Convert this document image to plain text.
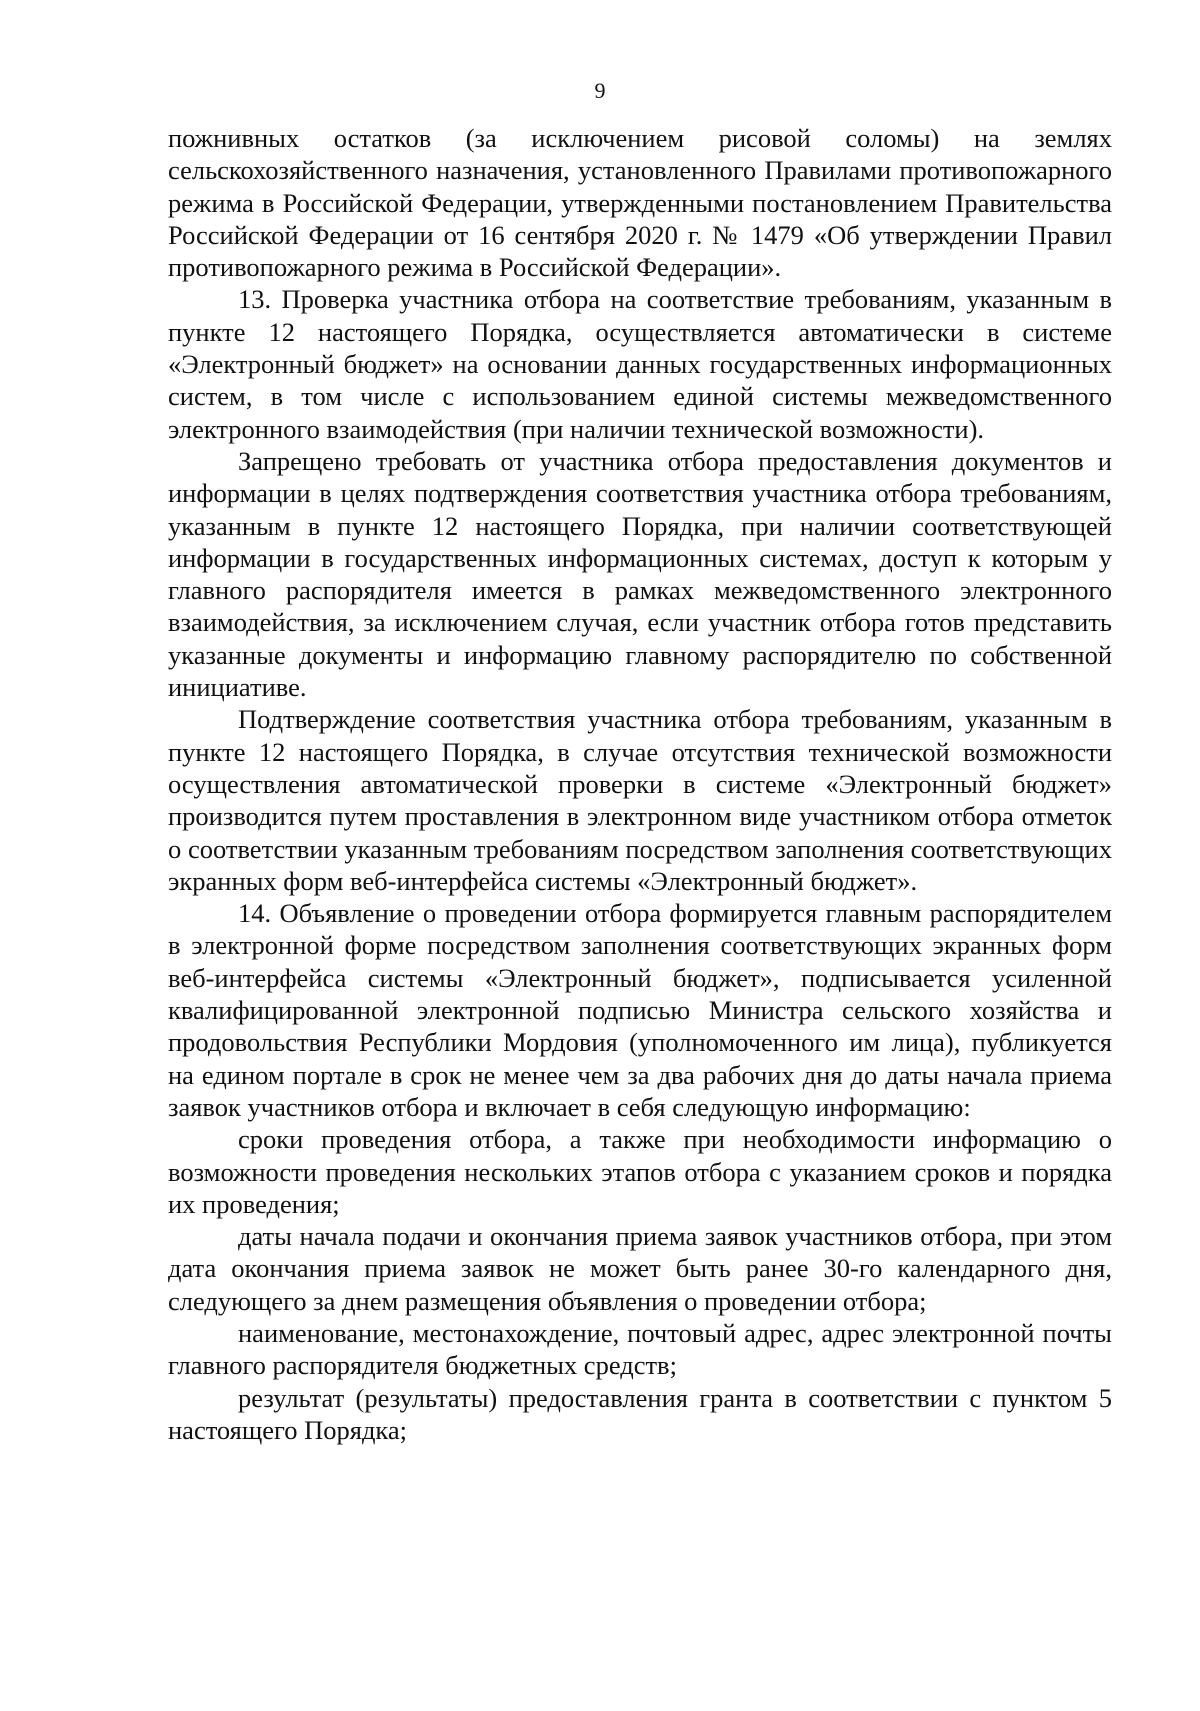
9

пожнивных остатков (за исключением рисовой соломы) на землях сельскохозяйственного назначения, установленного Правилами противопожарного режима в Российской Федерации, утвержденными постановлением Правительства Российской Федерации от 16 сентября 2020 г. № 1479 «Об утверждении Правил противопожарного режима в Российской Федерации».

13. Проверка участника отбора на соответствие требованиям, указанным в пункте 12 настоящего Порядка, осуществляется автоматически в системе «Электронный бюджет» на основании данных государственных информационных систем, в том числе с использованием единой системы межведомственного электронного взаимодействия (при наличии технической возможности).

Запрещено требовать от участника отбора предоставления документов и информации в целях подтверждения соответствия участника отбора требованиям, указанным в пункте 12 настоящего Порядка, при наличии соответствующей информации в государственных информационных системах, доступ к которым у главного распорядителя имеется в рамках межведомственного электронного взаимодействия, за исключением случая, если участник отбора готов представить указанные документы и информацию главному распорядителю по собственной инициативе.

Подтверждение соответствия участника отбора требованиям, указанным в пункте 12 настоящего Порядка, в случае отсутствия технической возможности осуществления автоматической проверки в системе «Электронный бюджет» производится путем проставления в электронном виде участником отбора отметок о соответствии указанным требованиям посредством заполнения соответствующих экранных форм веб-интерфейса системы «Электронный бюджет».

14. Объявление о проведении отбора формируется главным распорядителем в электронной форме посредством заполнения соответствующих экранных форм веб-интерфейса системы «Электронный бюджет», подписывается усиленной квалифицированной электронной подписью Министра сельского хозяйства и продовольствия Республики Мордовия (уполномоченного им лица), публикуется на едином портале в срок не менее чем за два рабочих дня до даты начала приема заявок участников отбора и включает в себя следующую информацию:

сроки проведения отбора, а также при необходимости информацию о возможности проведения нескольких этапов отбора с указанием сроков и порядка их проведения;

даты начала подачи и окончания приема заявок участников отбора, при этом дата окончания приема заявок не может быть ранее 30-го календарного дня, следующего за днем размещения объявления о проведении отбора;

наименование, местонахождение, почтовый адрес, адрес электронной почты главного распорядителя бюджетных средств;

результат (результаты) предоставления гранта в соответствии с пунктом 5 настоящего Порядка;
